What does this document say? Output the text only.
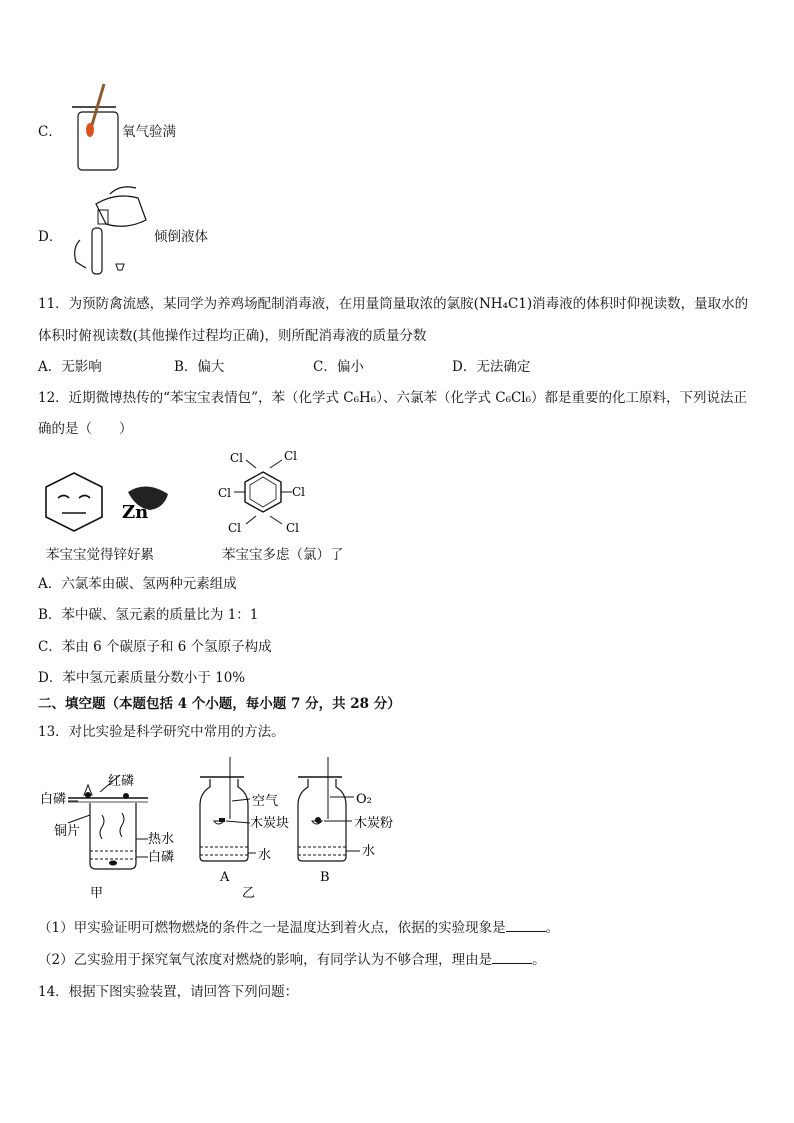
C．	氧气验满
D．	倾倒液体
11．为预防禽流感，某同学为养鸡场配制消毒液，在用量筒量取浓的氯胺(NH₄C1)消毒液的体积时仰视读数，量取水的
体积时俯视读数(其他操作过程均正确)，则所配消毒液的质量分数
A．无影响	B．偏大	C．偏小	D．无法确定
12．近期微博热传的“苯宝宝表情包”，苯（化学式 C₆H₆）、六氯苯（化学式 C₆Cl₆）都是重要的化工原料，下列说法正
确的是（　　）
Zn
Cl	Cl
Cl	Cl
Cl	Cl
苯宝宝觉得锌好累	苯宝宝多虑（氯）了
A．六氯苯由碳、氢两种元素组成
B．苯中碳、氢元素的质量比为 1：1
C．苯由 6 个碳原子和 6 个氢原子构成
D．苯中氢元素质量分数小于 10%
二、填空题（本题包括 4 个小题，每小题 7 分，共 28 分）
13．对比实验是科学研究中常用的方法。
红磷
白磷
铜片
热水
白磷
甲
空气
木炭块
水
A
乙
O₂
木炭粉
水
B
（1）甲实验证明可燃物燃烧的条件之一是温度达到着火点，依据的实验现象是	。
（2）乙实验用于探究氧气浓度对燃烧的影响，有同学认为不够合理，理由是	。
14．根据下图实验装置，请回答下列问题：
